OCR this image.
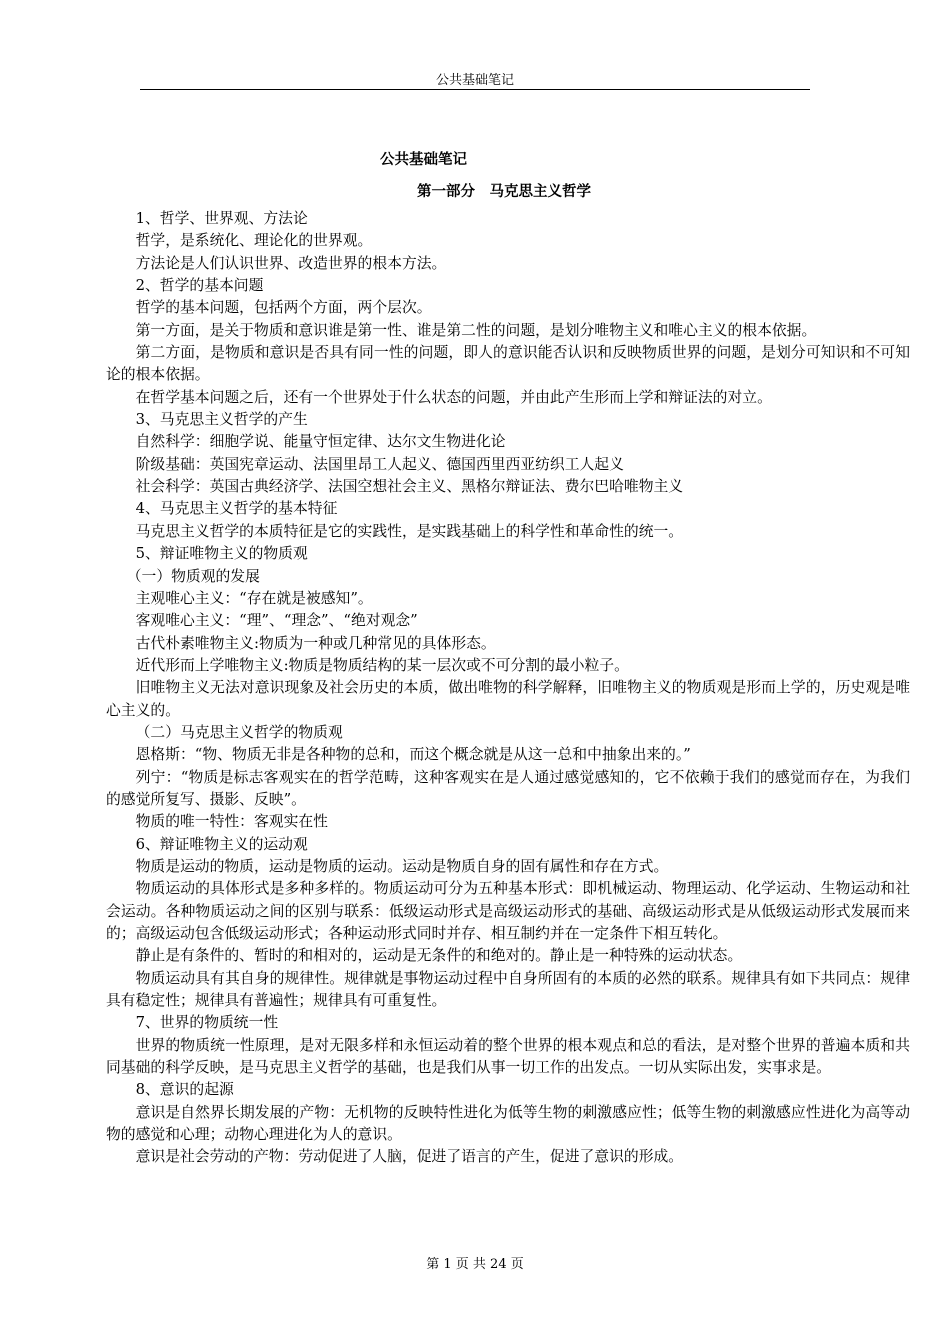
公共基础笔记
公共基础笔记
第一部分　马克思主义哲学

1、哲学、世界观、方法论

哲学，是系统化、理论化的世界观。

方法论是人们认识世界、改造世界的根本方法。

2、哲学的基本问题

哲学的基本问题，包括两个方面，两个层次。

第一方面，是关于物质和意识谁是第一性、谁是第二性的问题，是划分唯物主义和唯心主义的根本依据。

第二方面，是物质和意识是否具有同一性的问题，即人的意识能否认识和反映物质世界的问题，是划分可知识和不可知论的根本依据。

在哲学基本问题之后，还有一个世界处于什么状态的问题，并由此产生形而上学和辩证法的对立。

3、马克思主义哲学的产生

自然科学：细胞学说、能量守恒定律、达尔文生物进化论

阶级基础：英国宪章运动、法国里昂工人起义、德国西里西亚纺织工人起义

社会科学：英国古典经济学、法国空想社会主义、黑格尔辩证法、费尔巴哈唯物主义

4、马克思主义哲学的基本特征

马克思主义哲学的本质特征是它的实践性，是实践基础上的科学性和革命性的统一。

5、辩证唯物主义的物质观

（一）物质观的发展

主观唯心主义：“存在就是被感知”。

客观唯心主义：“理”、“理念”、“绝对观念”

古代朴素唯物主义:物质为一种或几种常见的具体形态。

近代形而上学唯物主义:物质是物质结构的某一层次或不可分割的最小粒子。

旧唯物主义无法对意识现象及社会历史的本质，做出唯物的科学解释，旧唯物主义的物质观是形而上学的，历史观是唯心主义的。

（二）马克思主义哲学的物质观

恩格斯：“物、物质无非是各种物的总和，而这个概念就是从这一总和中抽象出来的。”

列宁：“物质是标志客观实在的哲学范畴，这种客观实在是人通过感觉感知的，它不依赖于我们的感觉而存在，为我们的感觉所复写、摄影、反映”。

物质的唯一特性：客观实在性

6、辩证唯物主义的运动观

物质是运动的物质，运动是物质的运动。运动是物质自身的固有属性和存在方式。

物质运动的具体形式是多种多样的。物质运动可分为五种基本形式：即机械运动、物理运动、化学运动、生物运动和社会运动。各种物质运动之间的区别与联系：低级运动形式是高级运动形式的基础、高级运动形式是从低级运动形式发展而来的；高级运动包含低级运动形式；各种运动形式同时并存、相互制约并在一定条件下相互转化。

静止是有条件的、暂时的和相对的，运动是无条件的和绝对的。静止是一种特殊的运动状态。

物质运动具有其自身的规律性。规律就是事物运动过程中自身所固有的本质的必然的联系。规律具有如下共同点：规律具有稳定性；规律具有普遍性；规律具有可重复性。

7、世界的物质统一性

世界的物质统一性原理，是对无限多样和永恒运动着的整个世界的根本观点和总的看法，是对整个世界的普遍本质和共同基础的科学反映，是马克思主义哲学的基础，也是我们从事一切工作的出发点。一切从实际出发，实事求是。

8、意识的起源

意识是自然界长期发展的产物：无机物的反映特性进化为低等生物的刺激感应性；低等生物的刺激感应性进化为高等动物的感觉和心理；动物心理进化为人的意识。

意识是社会劳动的产物：劳动促进了人脑，促进了语言的产生，促进了意识的形成。

第 1 页 共 24 页
